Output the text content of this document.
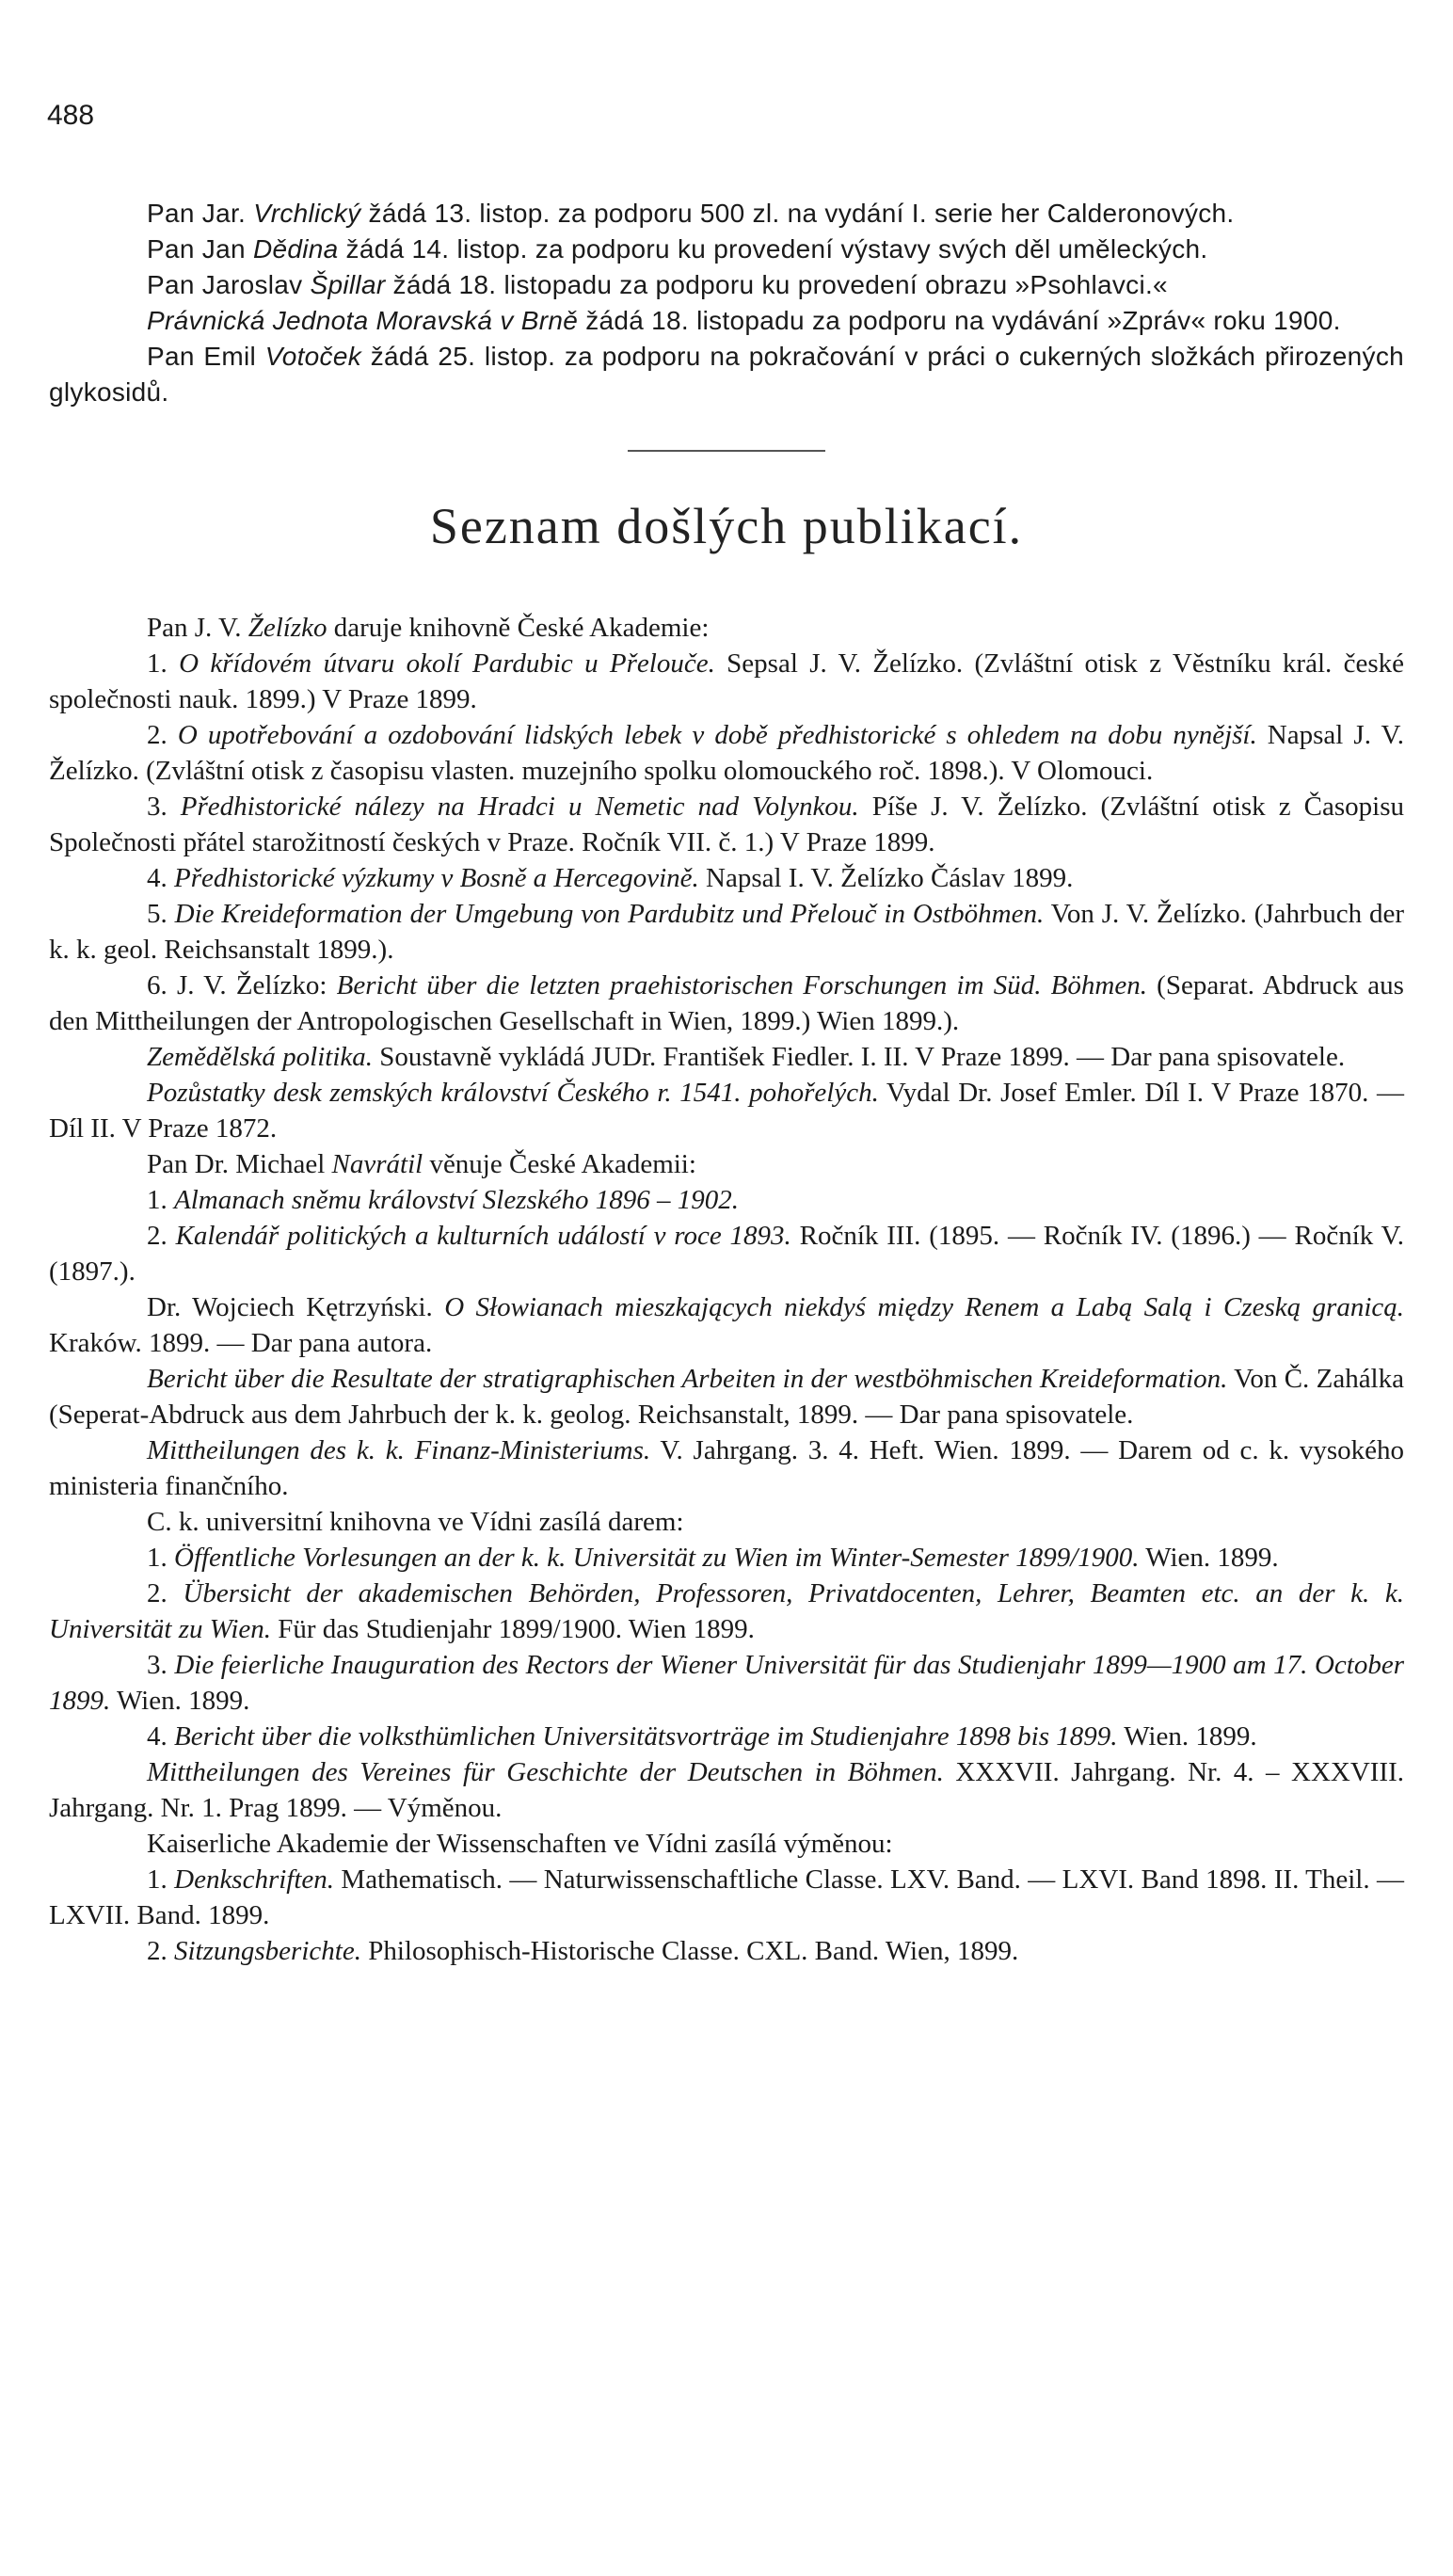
488

Pan Jar. Vrchlický žádá 13. listop. za podporu 500 zl. na vydání I. serie her Calderonových.

Pan Jan Dědina žádá 14. listop. za podporu ku provedení výstavy svých děl uměleckých.

Pan Jaroslav Špillar žádá 18. listopadu za podporu ku provedení obrazu »Psohlavci.«

Právnická Jednota Moravská v Brně žádá 18. listopadu za podporu na vydávání »Zpráv« roku 1900.

Pan Emil Votoček žádá 25. listop. za podporu na pokračování v práci o cukerných složkách přirozených glykosidů.

Seznam došlých publikací.

Pan J. V. Želízko daruje knihovně České Akademie:

1. O křídovém útvaru okolí Pardubic u Přelouče. Sepsal J. V. Želízko. (Zvláštní otisk z Věstníku král. české společnosti nauk. 1899.) V Praze 1899.

2. O upotřebování a ozdobování lidských lebek v době předhistorické s ohledem na dobu nynější. Napsal J. V. Želízko. (Zvláštní otisk z časopisu vlasten. muzejního spolku olomouckého roč. 1898.). V Olomouci.

3. Předhistorické nálezy na Hradci u Nemetic nad Volynkou. Píše J. V. Želízko. (Zvláštní otisk z Časopisu Společnosti přátel starožitností českých v Praze. Ročník VII. č. 1.) V Praze 1899.

4. Předhistorické výzkumy v Bosně a Hercegovině. Napsal I. V. Želízko Čáslav 1899.

5. Die Kreideformation der Umgebung von Pardubitz und Přelouč in Ostböhmen. Von J. V. Želízko. (Jahrbuch der k. k. geol. Reichsanstalt 1899.).

6. J. V. Želízko: Bericht über die letzten praehistorischen Forschungen im Süd. Böhmen. (Separat. Abdruck aus den Mittheilungen der Antropologischen Gesellschaft in Wien, 1899.) Wien 1899.).

Zemědělská politika. Soustavně vykládá JUDr. František Fiedler. I. II. V Praze 1899. — Dar pana spisovatele.

Pozůstatky desk zemských království Českého r. 1541. pohořelých. Vydal Dr. Josef Emler. Díl I. V Praze 1870. — Díl II. V Praze 1872.

Pan Dr. Michael Navrátil věnuje České Akademii:

1. Almanach sněmu království Slezského 1896 – 1902.

2. Kalendář politických a kulturních událostí v roce 1893. Ročník III. (1895. — Ročník IV. (1896.) — Ročník V. (1897.).

Dr. Wojciech Kętrzyński. O Słowianach mieszkających niekdyś między Renem a Labą Salą i Czeską granicą. Kraków. 1899. — Dar pana autora.

Bericht über die Resultate der stratigraphischen Arbeiten in der westböhmischen Kreideformation. Von Č. Zahálka (Seperat-Abdruck aus dem Jahrbuch der k. k. geolog. Reichsanstalt, 1899. — Dar pana spisovatele.

Mittheilungen des k. k. Finanz-Ministeriums. V. Jahrgang. 3. 4. Heft. Wien. 1899. — Darem od c. k. vysokého ministeria finančního.

C. k. universitní knihovna ve Vídni zasílá darem:

1. Öffentliche Vorlesungen an der k. k. Universität zu Wien im Winter-Semester 1899/1900. Wien. 1899.

2. Übersicht der akademischen Behörden, Professoren, Privatdocenten, Lehrer, Beamten etc. an der k. k. Universität zu Wien. Für das Studienjahr 1899/1900. Wien 1899.

3. Die feierliche Inauguration des Rectors der Wiener Universität für das Studienjahr 1899—1900 am 17. October 1899. Wien. 1899.

4. Bericht über die volksthümlichen Universitätsvorträge im Studienjahre 1898 bis 1899. Wien. 1899.

Mittheilungen des Vereines für Geschichte der Deutschen in Böhmen. XXXVII. Jahrgang. Nr. 4. – XXXVIII. Jahrgang. Nr. 1. Prag 1899. — Výměnou.

Kaiserliche Akademie der Wissenschaften ve Vídni zasílá výměnou:

1. Denkschriften. Mathematisch. — Naturwissenschaftliche Classe. LXV. Band. — LXVI. Band 1898. II. Theil. — LXVII. Band. 1899.

2. Sitzungsberichte. Philosophisch-Historische Classe. CXL. Band. Wien, 1899.
